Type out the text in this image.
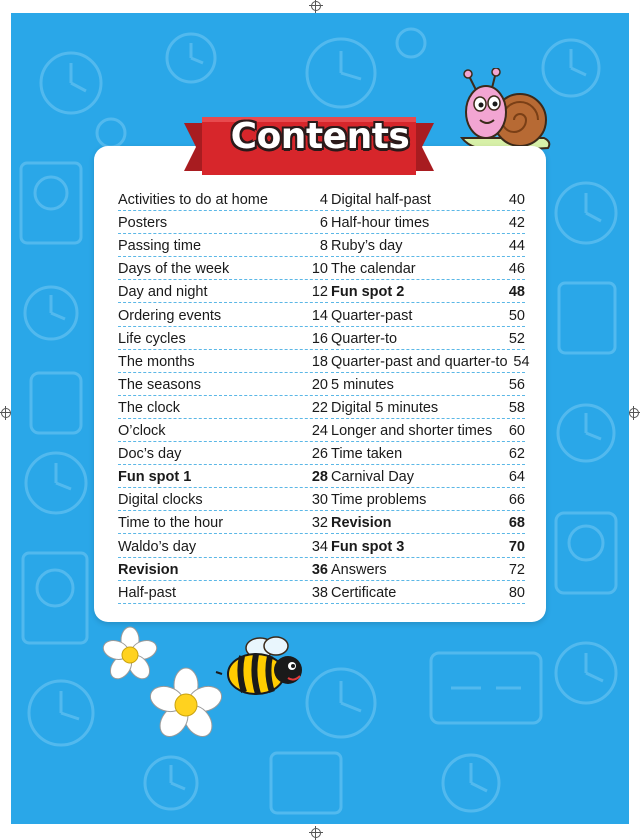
Activities to do at home	4
Posters	6
Passing time	8
Days of the week	10
Day and night	12
Ordering events	14
Life cycles	16
The months	18
The seasons	20
The clock	22
O’clock	24
Doc’s day	26
Fun spot 1	28
Digital clocks	30
Time to the hour	32
Waldo’s day	34
Revision	36
Half-past	38
Digital half-past	40
Half-hour times	42
Ruby’s day	44
The calendar	46
Fun spot 2	48
Quarter-past	50
Quarter-to	52
Quarter-past and quarter-to 54
5 minutes	56
Digital 5 minutes	58
Longer and shorter times	60
Time taken	62
Carnival Day	64
Time problems	66
Revision	68
Fun spot 3	70
Answers	72
Certificate	80
Contents
